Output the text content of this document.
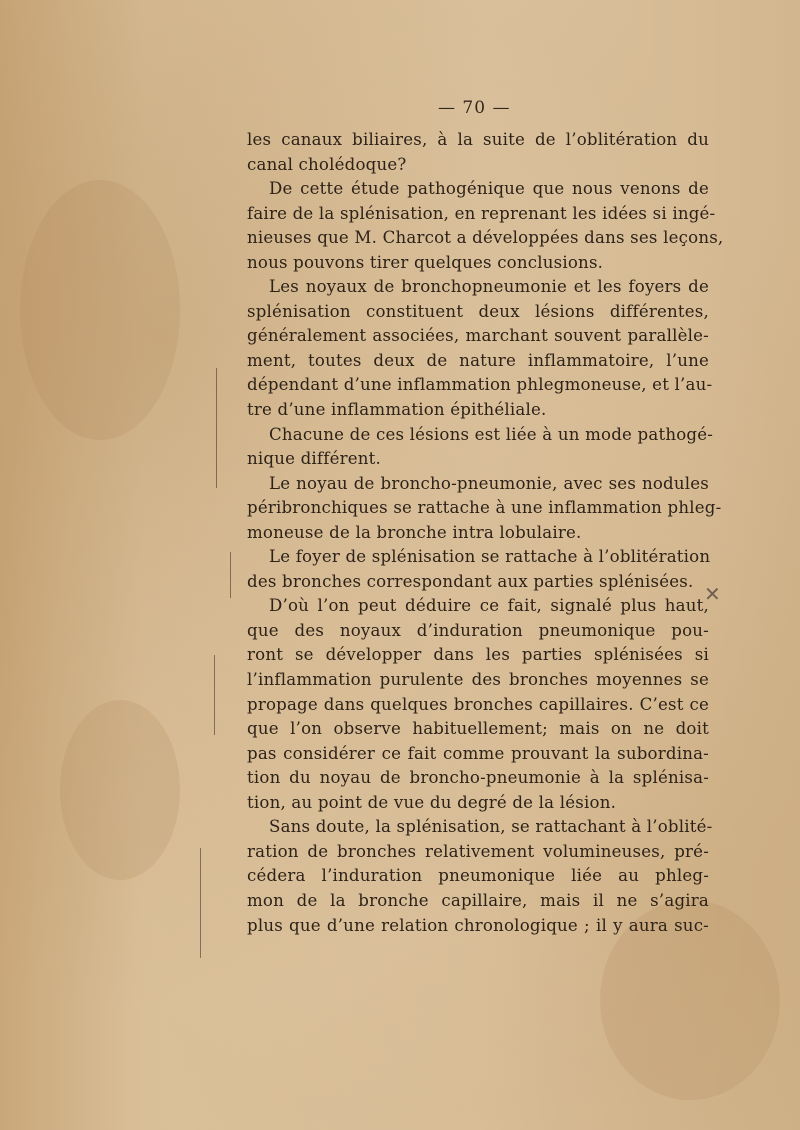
— 70 —
✕
les canaux biliaires, à la suite de l’oblitération du
canal cholédoque?
De cette étude pathogénique que nous venons de
faire de la splénisation, en reprenant les idées si ingé-
nieuses que M. Charcot a développées dans ses leçons,
nous pouvons tirer quelques conclusions.
Les noyaux de bronchopneumonie et les foyers de
splénisation constituent deux lésions différentes,
généralement associées, marchant souvent parallèle-
ment, toutes deux de nature inflammatoire, l’une
dépendant d’une inflammation phlegmoneuse, et l’au-
tre d’une inflammation épithéliale.
Chacune de ces lésions est liée à un mode pathogé-
nique différent.
Le noyau de broncho-pneumonie, avec ses nodules
péribronchiques se rattache à une inflammation phleg-
moneuse de la bronche intra lobulaire.
Le foyer de splénisation se rattache à l’oblitération
des bronches correspondant aux parties splénisées.
D’où l’on peut déduire ce fait, signalé plus haut,
que des noyaux d’induration pneumonique pou-
ront se développer dans les parties splénisées si
l’inflammation purulente des bronches moyennes se
propage dans quelques bronches capillaires. C’est ce
que l’on observe habituellement; mais on ne doit
pas considérer ce fait comme prouvant la subordina-
tion du noyau de broncho-pneumonie à la splénisa-
tion, au point de vue du degré de la lésion.
Sans doute, la splénisation, se rattachant à l’oblité-
ration de bronches relativement volumineuses, pré-
cédera l’induration pneumonique liée au phleg-
mon de la bronche capillaire, mais il ne s’agira
plus que d’une relation chronologique ; il y aura suc-
